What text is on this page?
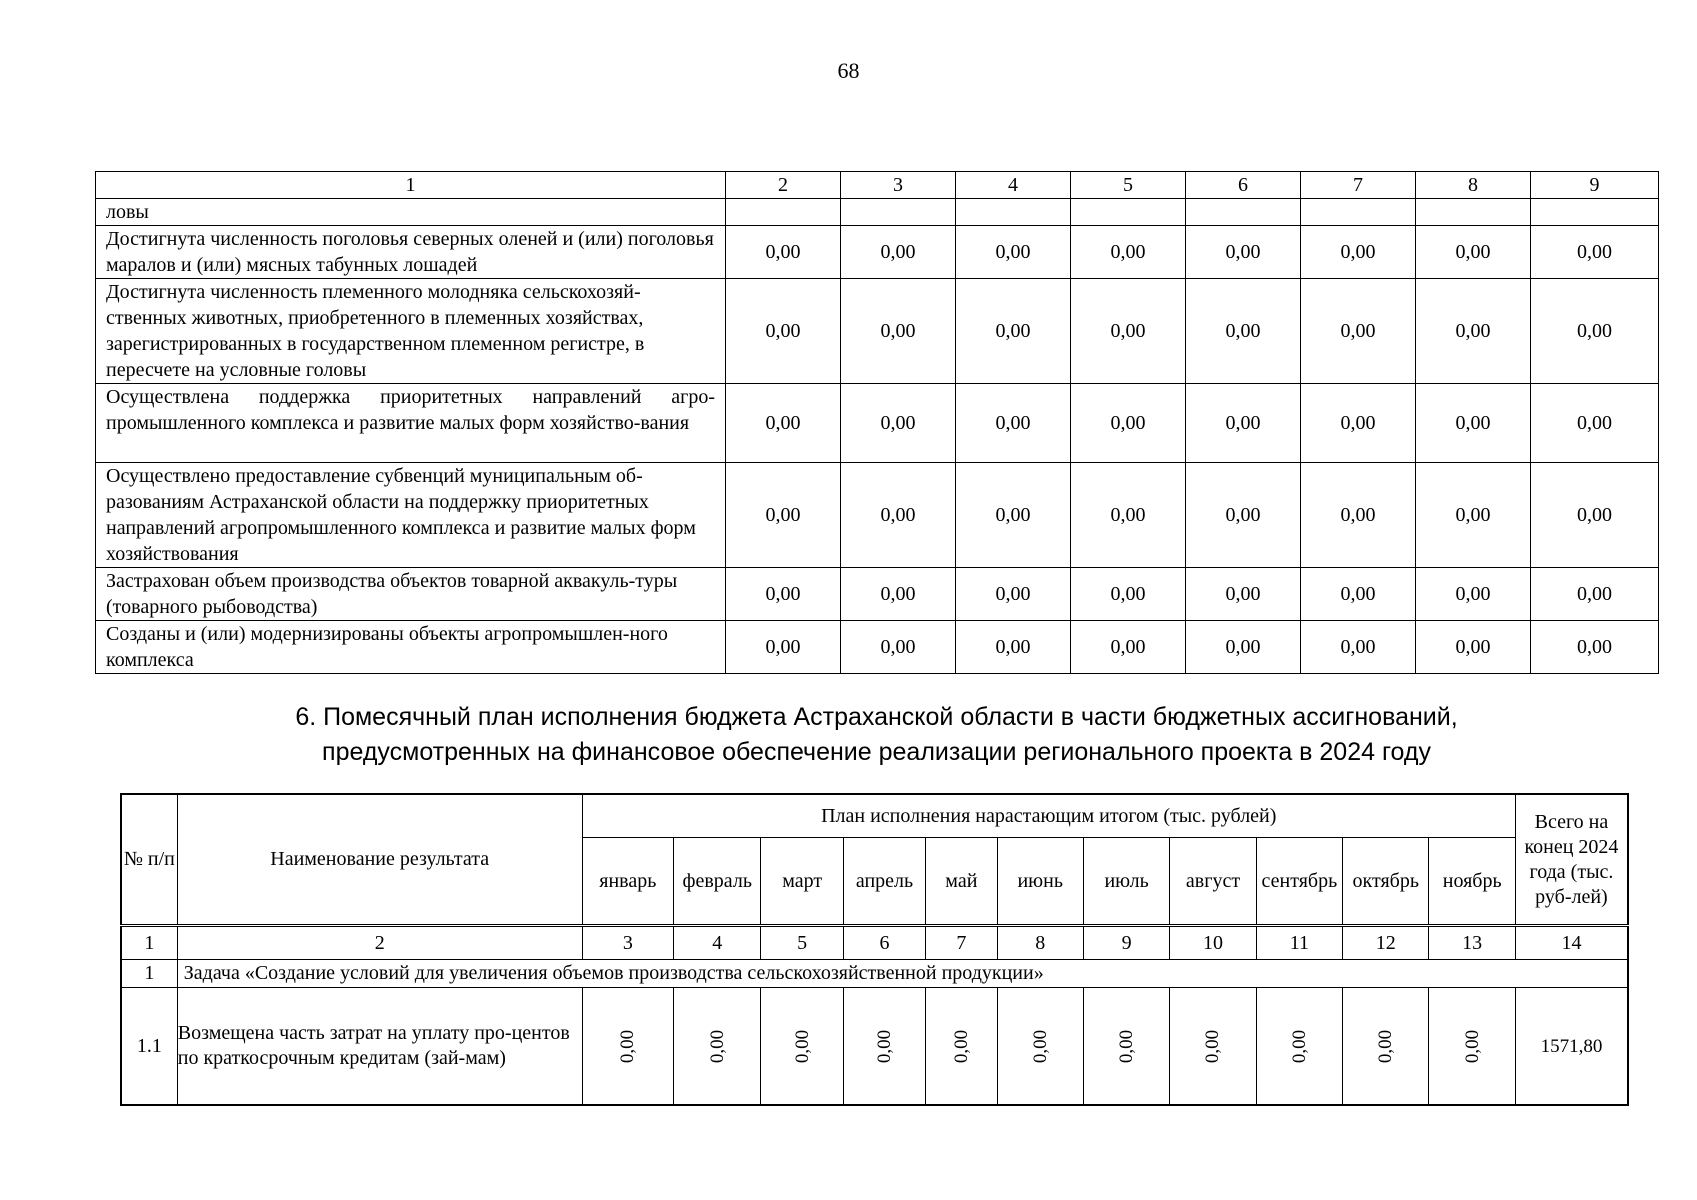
68
1	2	3	4	5	6	7	8	9
ловы								
Достигнута численность поголовья северных оленей и (или) поголовья маралов и (или) мясных табунных лошадей	0,00	0,00	0,00	0,00	0,00	0,00	0,00	0,00
Достигнута численность племенного молодняка сельскохозяй-ственных животных, приобретенного в племенных хозяйствах, зарегистрированных в государственном племенном регистре, в пересчете на условные головы	0,00	0,00	0,00	0,00	0,00	0,00	0,00	0,00
Осуществлена поддержка приоритетных направлений агро-промышленного комплекса и развитие малых форм хозяйство-вания	0,00	0,00	0,00	0,00	0,00	0,00	0,00	0,00
Осуществлено предоставление субвенций муниципальным об-разованиям Астраханской области на поддержку приоритетных направлений агропромышленного комплекса и развитие малых форм хозяйствования	0,00	0,00	0,00	0,00	0,00	0,00	0,00	0,00
Застрахован объем производства объектов товарной аквакуль-туры (товарного рыбоводства)	0,00	0,00	0,00	0,00	0,00	0,00	0,00	0,00
Созданы и (или) модернизированы объекты агропромышлен-ного комплекса	0,00	0,00	0,00	0,00	0,00	0,00	0,00	0,00
6. Помесячный план исполнения бюджета Астраханской области в части бюджетных ассигнований,
предусмотренных на финансовое обеспечение реализации регионального проекта в 2024 году
№ п/п	Наименование результата	План исполнения нарастающим итогом (тыс. рублей)											Всего на конец 2024 года (тыс. руб-лей)
		январь	февраль	март	апрель	май	июнь	июль	август	сентябрь	октябрь	ноябрь	
1	2	3	4	5	6	7	8	9	10	11	12	13	14
1	Задача «Создание условий для увеличения объемов производства сельскохозяйственной продукции»												
1.1	Возмещена часть затрат на уплату про-центов по краткосрочным кредитам (зай-мам)	0,00	0,00	0,00	0,00	0,00	0,00	0,00	0,00	0,00	0,00	0,00	1571,80
